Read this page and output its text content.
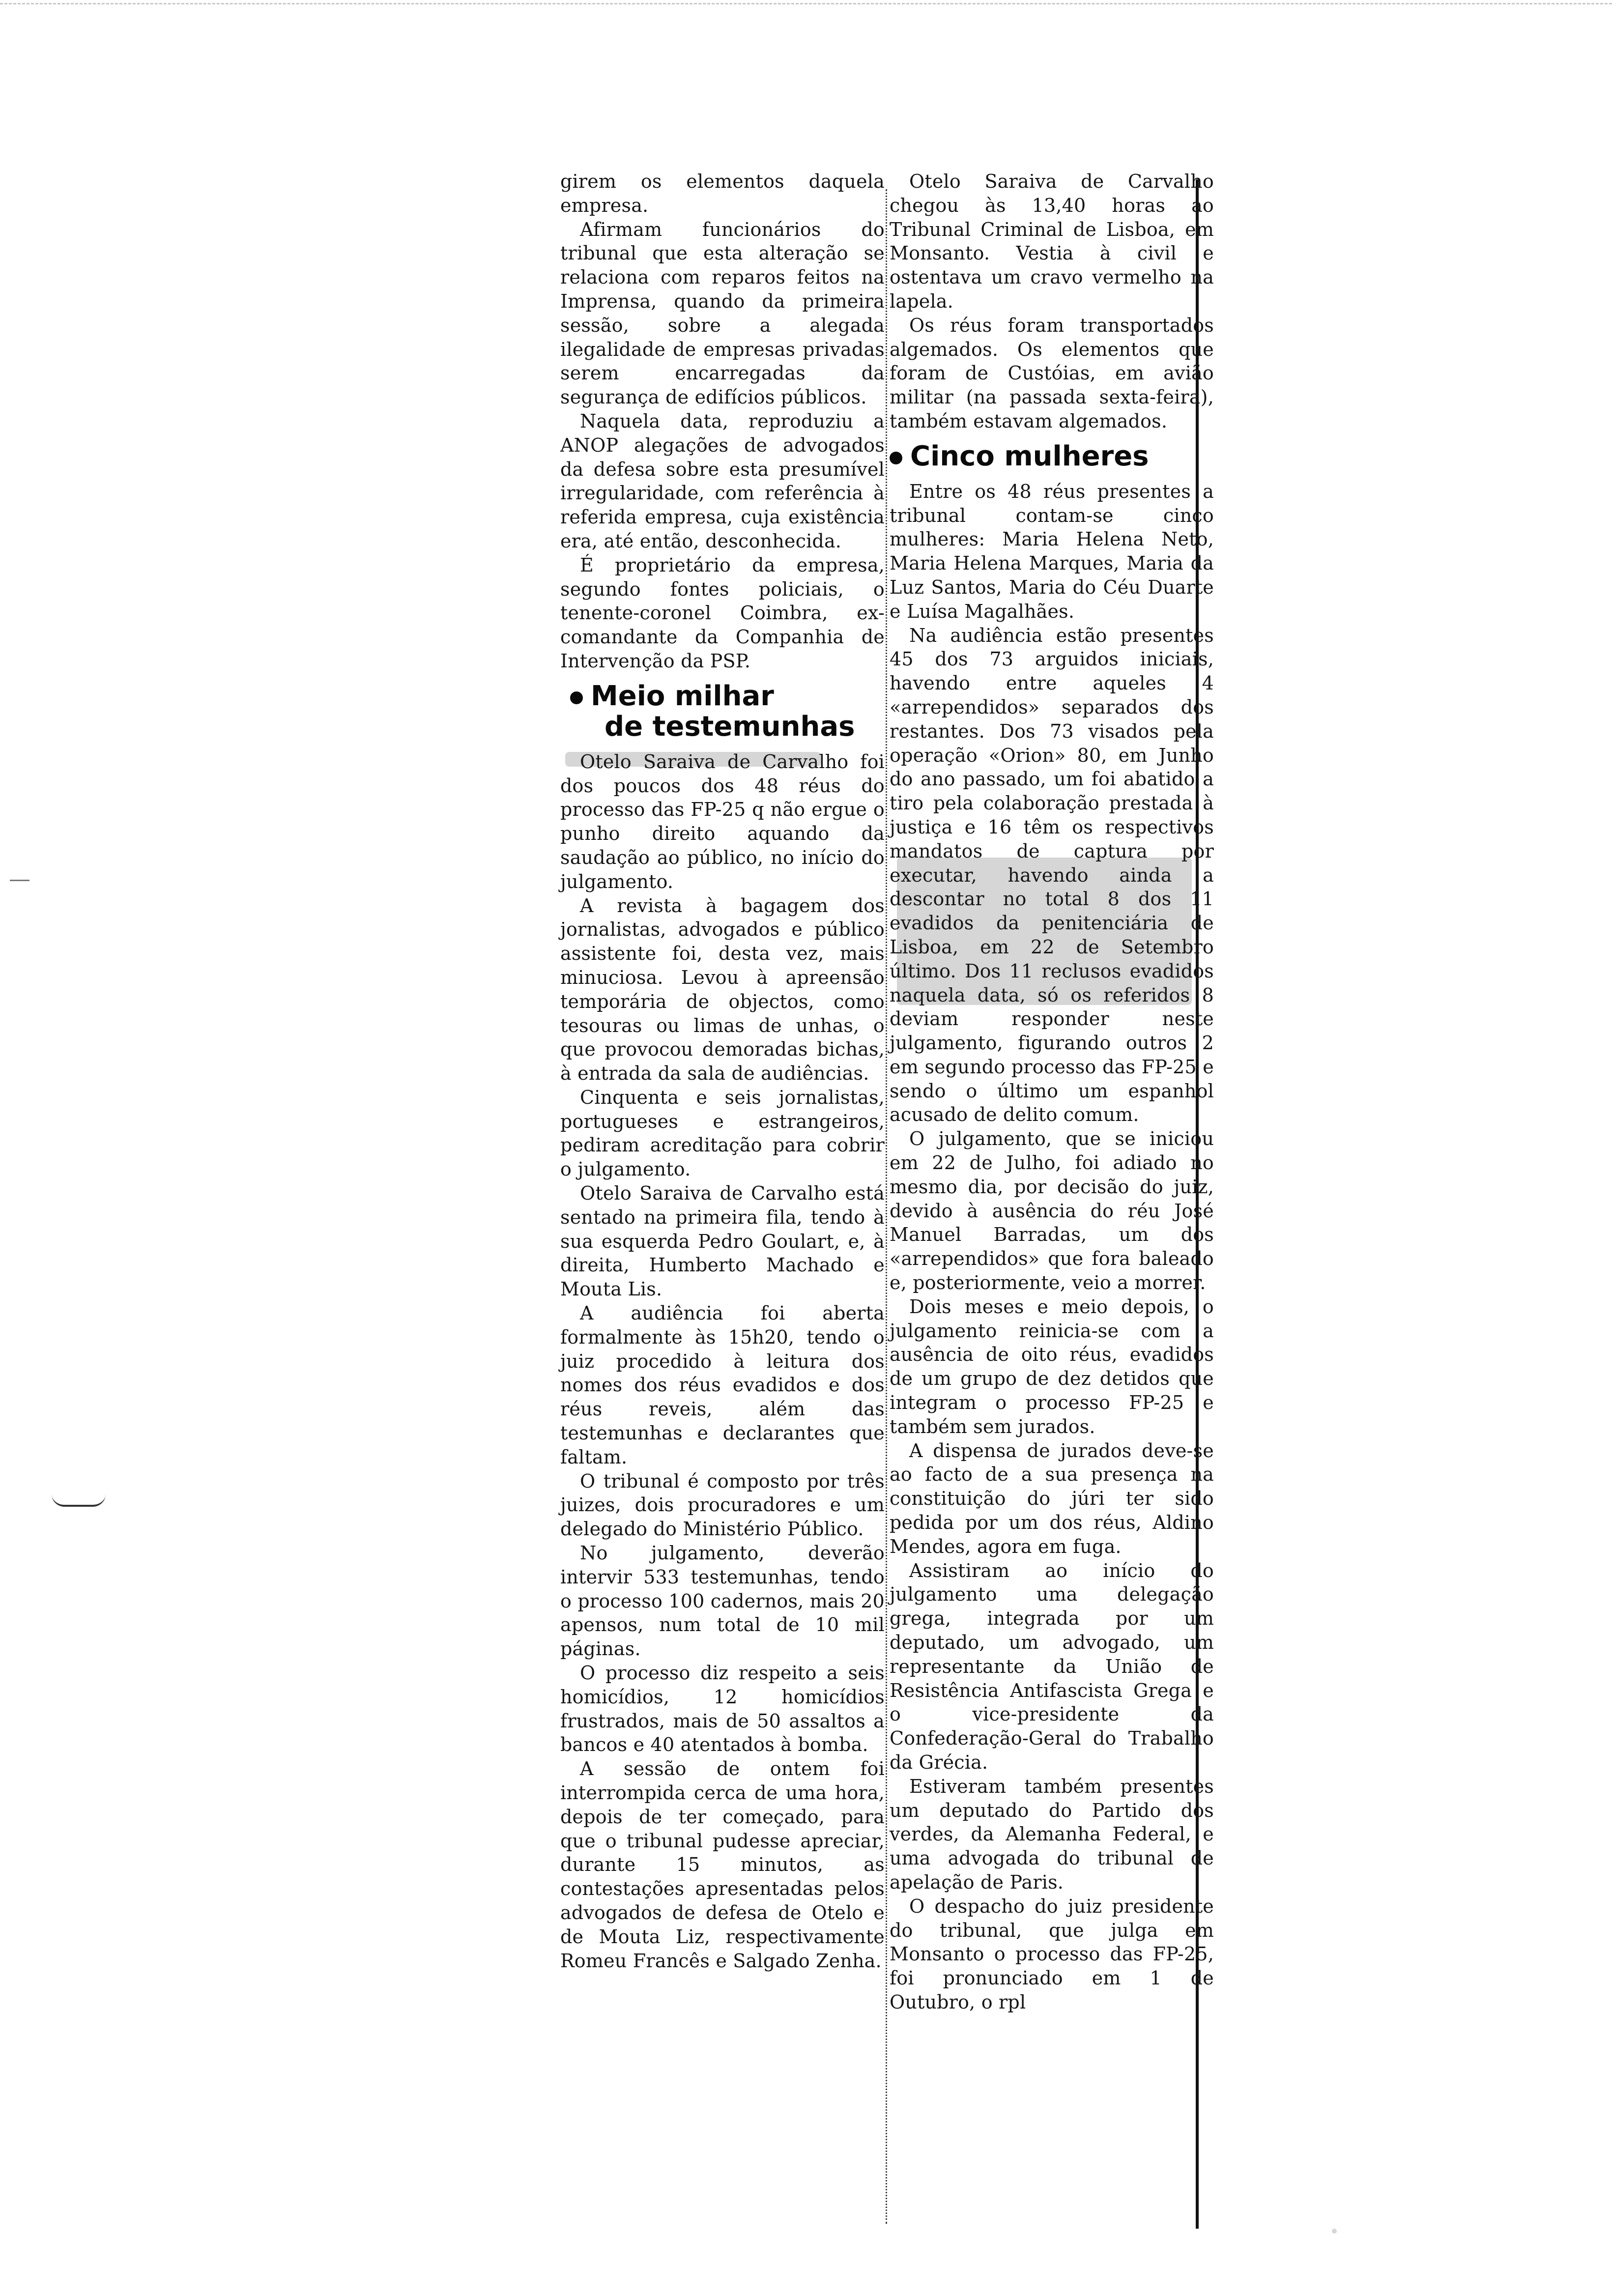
girem os elementos daquela empresa.

Afirmam funcionários do tribunal que esta alteração se relaciona com reparos feitos na Imprensa, quando da primeira sessão, sobre a alegada ilegalidade de empresas privadas serem encarregadas da segurança de edifícios públicos.

Naquela data, reproduziu a ANOP alegações de advogados da defesa sobre esta presumível irregularidade, com referência à referida empresa, cuja existência era, até então, desconhecida.

É proprietário da empresa, segundo fontes policiais, o tenente-coronel Coimbra, ex-comandante da Companhia de Intervenção da PSP.

Meio milhar
de testemunhas

Otelo Saraiva de Carvalho foi dos poucos dos 48 réus do processo das FP-25 q não ergue o punho direito aquando da saudação ao público, no início do julgamento.

A revista à bagagem dos jornalistas, advogados e público assistente foi, desta vez, mais minuciosa. Levou à apreensão temporária de objectos, como tesouras ou limas de unhas, o que provocou demoradas bichas, à entrada da sala de audiências.

Cinquenta e seis jornalistas, portugueses e estrangeiros, pediram acreditação para cobrir o julgamento.

Otelo Saraiva de Carvalho está sentado na primeira fila, tendo à sua esquerda Pedro Goulart, e, à direita, Humberto Machado e Mouta Lis.

A audiência foi aberta formalmente às 15h20, tendo o juiz procedido à leitura dos nomes dos réus evadidos e dos réus reveis, além das testemunhas e declarantes que faltam.

O tribunal é composto por três juizes, dois procuradores e um delegado do Ministério Público.

No julgamento, deverão intervir 533 testemunhas, tendo o processo 100 cadernos, mais 20 apensos, num total de 10 mil páginas.

O processo diz respeito a seis homicídios, 12 homicídios frustrados, mais de 50 assaltos a bancos e 40 atentados à bomba.

A sessão de ontem foi interrompida cerca de uma hora, depois de ter começado, para que o tribunal pudesse apreciar, durante 15 minutos, as contestações apresentadas pelos advogados de defesa de Otelo e de Mouta Liz, respectivamente Romeu Francês e Salgado Zenha.

Otelo Saraiva de Carvalho chegou às 13,40 horas ao Tribunal Criminal de Lisboa, em Monsanto. Vestia à civil e ostentava um cravo vermelho na lapela.

Os réus foram transportados algemados. Os elementos que foram de Custóias, em avião militar (na passada sexta-feira), também estavam algemados.

Cinco mulheres

Entre os 48 réus presentes a tribunal contam-se cinco mulheres: Maria Helena Neto, Maria Helena Marques, Maria da Luz Santos, Maria do Céu Duarte e Luísa Magalhães.

Na audiência estão presentes 45 dos 73 arguidos iniciais, havendo entre aqueles 4 «arrependidos» separados dos restantes. Dos 73 visados pela operação «Orion» 80, em Junho do ano passado, um foi abatido a tiro pela colaboração prestada à justiça e 16 têm os respectivos mandatos de captura por executar, havendo ainda a descontar no total 8 dos 11 evadidos da penitenciária de Lisboa, em 22 de Setembro último. Dos 11 reclusos evadidos naquela data, só os referidos 8 deviam responder neste julgamento, figurando outros 2 em segundo processo das FP-25 e sendo o último um espanhol acusado de delito comum.

O julgamento, que se iniciou em 22 de Julho, foi adiado no mesmo dia, por decisão do juiz, devido à ausência do réu José Manuel Barradas, um dos «arrependidos» que fora baleado e, posteriormente, veio a morrer.

Dois meses e meio depois, o julgamento reinicia-se com a ausência de oito réus, evadidos de um grupo de dez detidos que integram o processo FP-25 e também sem jurados.

A dispensa de jurados deve-se ao facto de a sua presença na constituição do júri ter sido pedida por um dos réus, Aldino Mendes, agora em fuga.

Assistiram ao início do julgamento uma delegação grega, integrada por um deputado, um advogado, um representante da União de Resistência Antifascista Grega e o vice-presidente da Confederação-Geral do Trabalho da Grécia.

Estiveram também presentes um deputado do Partido dos verdes, da Alemanha Federal, e uma advogada do tribunal de apelação de Paris.

O despacho do juiz presidente do tribunal, que julga em Monsanto o processo das FP-25, foi pronunciado em 1 de Outubro, o rpl
